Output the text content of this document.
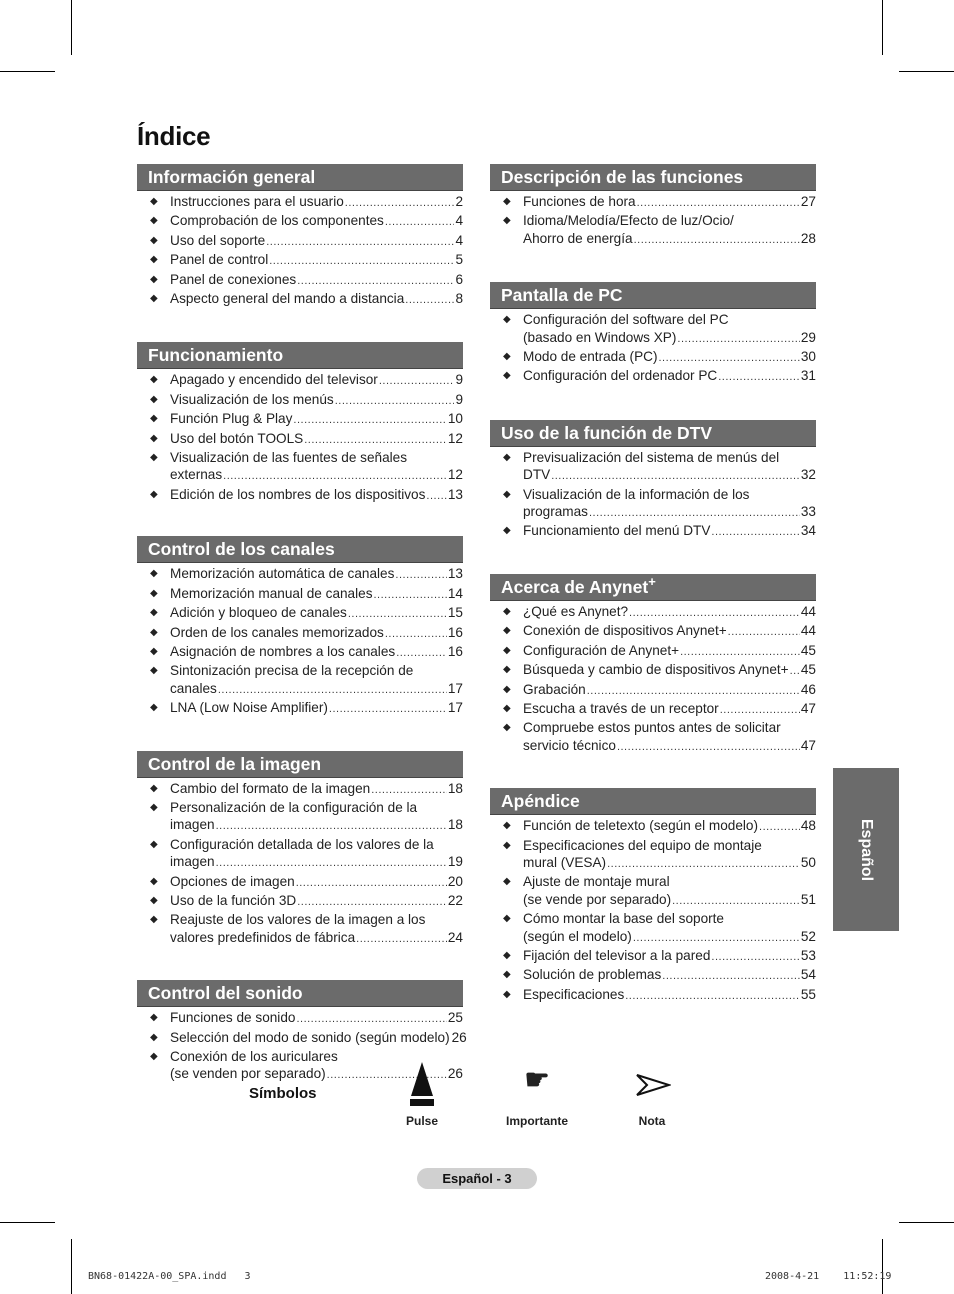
Índice
Información general
◆ Instrucciones para el usuario .....	2
◆ Comprobación de los componentes .....	4
◆ Uso del soporte .....	4
◆ Panel de control .....	5
◆ Panel de conexiones .....	6
◆ Aspecto general del mando a distancia .....	8
Funcionamiento
◆ Apagado y encendido del televisor .....	9
◆ Visualización de los menús .....	9
◆ Función Plug & Play .....	10
◆ Uso del botón TOOLS .....	12
◆ Visualización de las fuentes de señales
externas .....	12
◆ Edición de los nombres de los dispositivos ..... 13
Control de los canales
◆ Memorización automática de canales .....	13
◆ Memorización manual de canales .....	14
◆ Adición y bloqueo de canales .....	15
◆ Orden de los canales memorizados .....	16
◆ Asignación de nombres a los canales .....	16
◆ Sintonización precisa de la recepción de
canales .....	17
◆ LNA (Low Noise Amplifier) .....	17
Control de la imagen
◆ Cambio del formato de la imagen .....	18
◆ Personalización de la configuración de la
imagen .....	18
◆ Configuración detallada de los valores de la
imagen .....	19
◆ Opciones de imagen .....	20
◆ Uso de la función 3D .....	22
◆ Reajuste de los valores de la imagen a los
valores predefinidos de fábrica .....	24
Control del sonido
◆ Funciones de sonido .....	25
◆ Selección del modo de sonido (según modelo) 26
◆ Conexión de los auriculares
(se venden por separado) .....	26
Descripción de las funciones
◆ Funciones de hora .....	27
◆ Idioma/Melodía/Efecto de luz/Ocio/
Ahorro de energía .....	28
Pantalla de PC
◆ Configuración del software del PC
(basado en Windows XP) .....	29
◆ Modo de entrada (PC) .....	30
◆ Configuración del ordenador PC .....	31
Uso de la función de DTV
◆ Previsualización del sistema de menús del
DTV .....	32
◆ Visualización de la información de los
programas .....	33
◆ Funcionamiento del menú DTV .....	34
Acerca de Anynet+
◆ ¿Qué es Anynet? .....	44
◆ Conexión de dispositivos Anynet+ .....	44
◆ Configuración de Anynet+ .....	45
◆ Búsqueda y cambio de dispositivos Anynet+ ..... 45
◆ Grabación .....	46
◆ Escucha a través de un receptor .....	47
◆ Compruebe estos puntos antes de solicitar
servicio técnico .....	47
Apéndice
◆ Función de teletexto (según el modelo) .....	48
◆ Especificaciones del equipo de montaje
mural (VESA) .....	50
◆ Ajuste de montaje mural
(se vende por separado) .....	51
◆ Cómo montar la base del soporte
(según el modelo) .....	52
◆ Fijación del televisor a la pared .....	53
◆ Solución de problemas .....	54
◆ Especificaciones .....	55
Español
Símbolos
Pulse
☛
Importante	Nota
Español - 3
BN68-01422A-00_SPA.indd   3	2008-4-21 11:52:19
